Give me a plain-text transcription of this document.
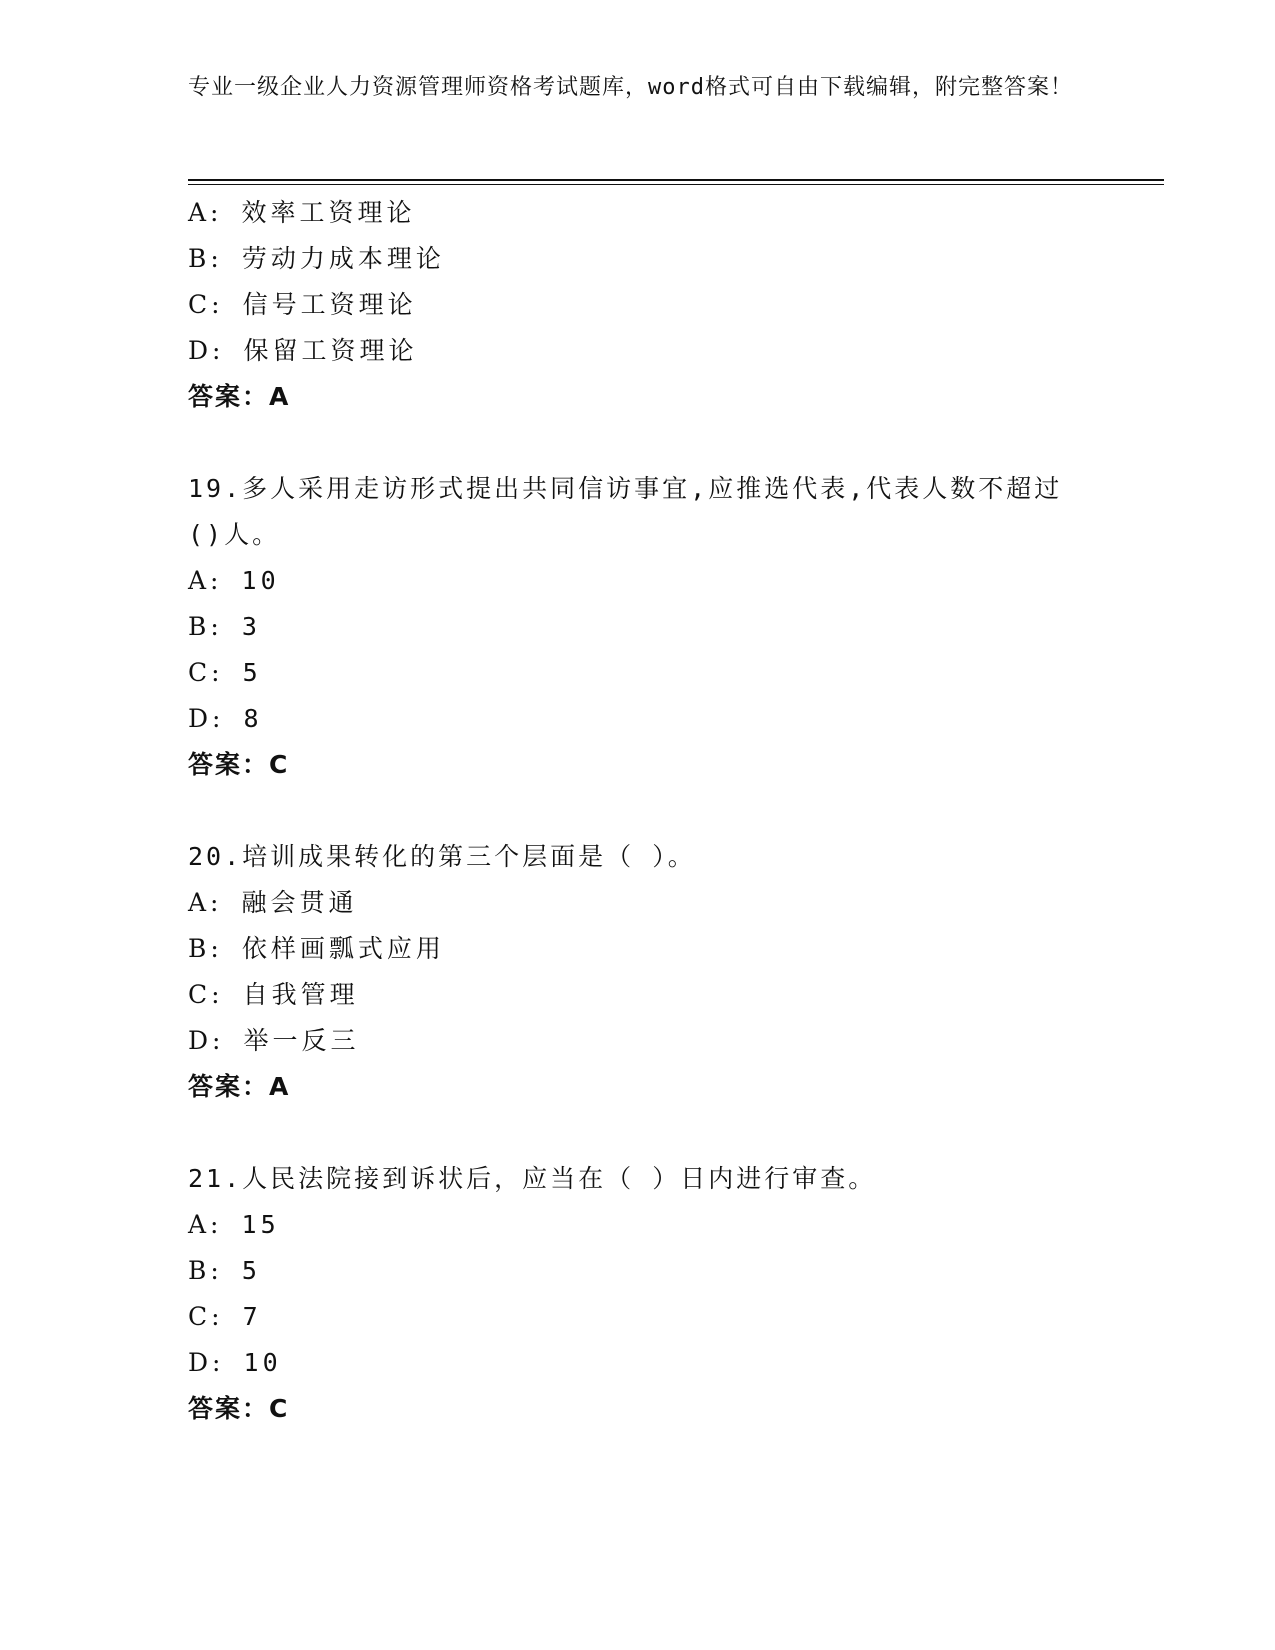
专业一级企业人力资源管理师资格考试题库，word格式可自由下载编辑，附完整答案！
A: 效率工资理论
B: 劳动力成本理论
C: 信号工资理论
D: 保留工资理论
答案：A
19.多人采用走访形式提出共同信访事宜,应推选代表,代表人数不超过()人。
A: 10
B: 3
C: 5
D: 8
答案：C
20.培训成果转化的第三个层面是（ ）。
A: 融会贯通
B: 依样画瓢式应用
C: 自我管理
D: 举一反三
答案：A
21.人民法院接到诉状后，应当在（ ）日内进行审查。
A: 15
B: 5
C: 7
D: 10
答案：C
